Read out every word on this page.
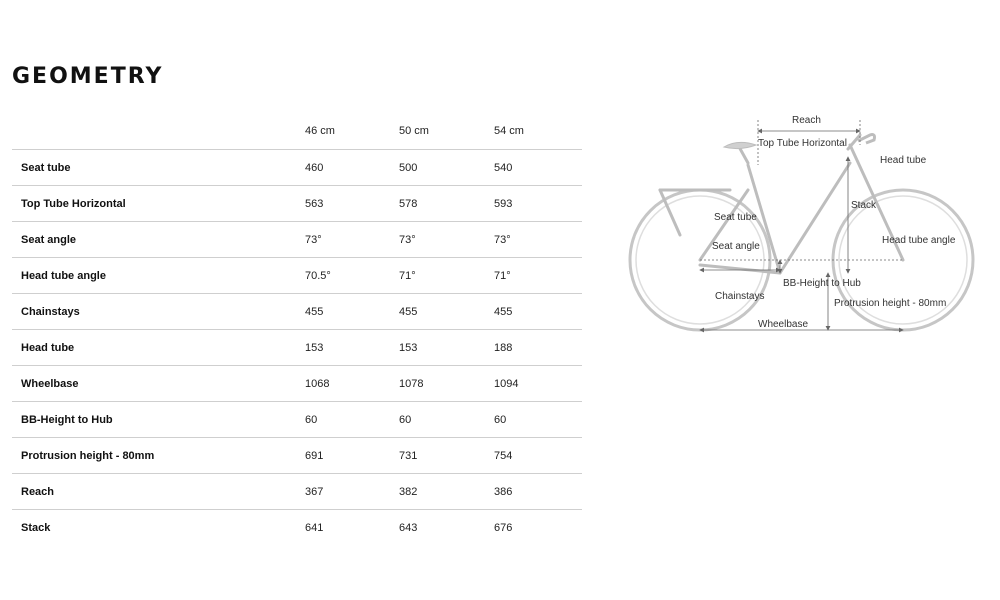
GEOMETRY
	46 cm	50 cm	54 cm
Seat tube	460	500	540
Top Tube Horizontal	563	578	593
Seat angle	73°	73°	73°
Head tube angle	70.5°	71°	71°
Chainstays	455	455	455
Head tube	153	153	188
Wheelbase	1068	1078	1094
BB-Height to Hub	60	60	60
Protrusion height - 80mm	691	731	754
Reach	367	382	386
Stack	641	643	676
Reach
Top Tube Horizontal
Head tube
Stack
Seat tube
Seat angle
Head tube angle
BB-Height to Hub
Chainstays
Protrusion height - 80mm
Wheelbase
